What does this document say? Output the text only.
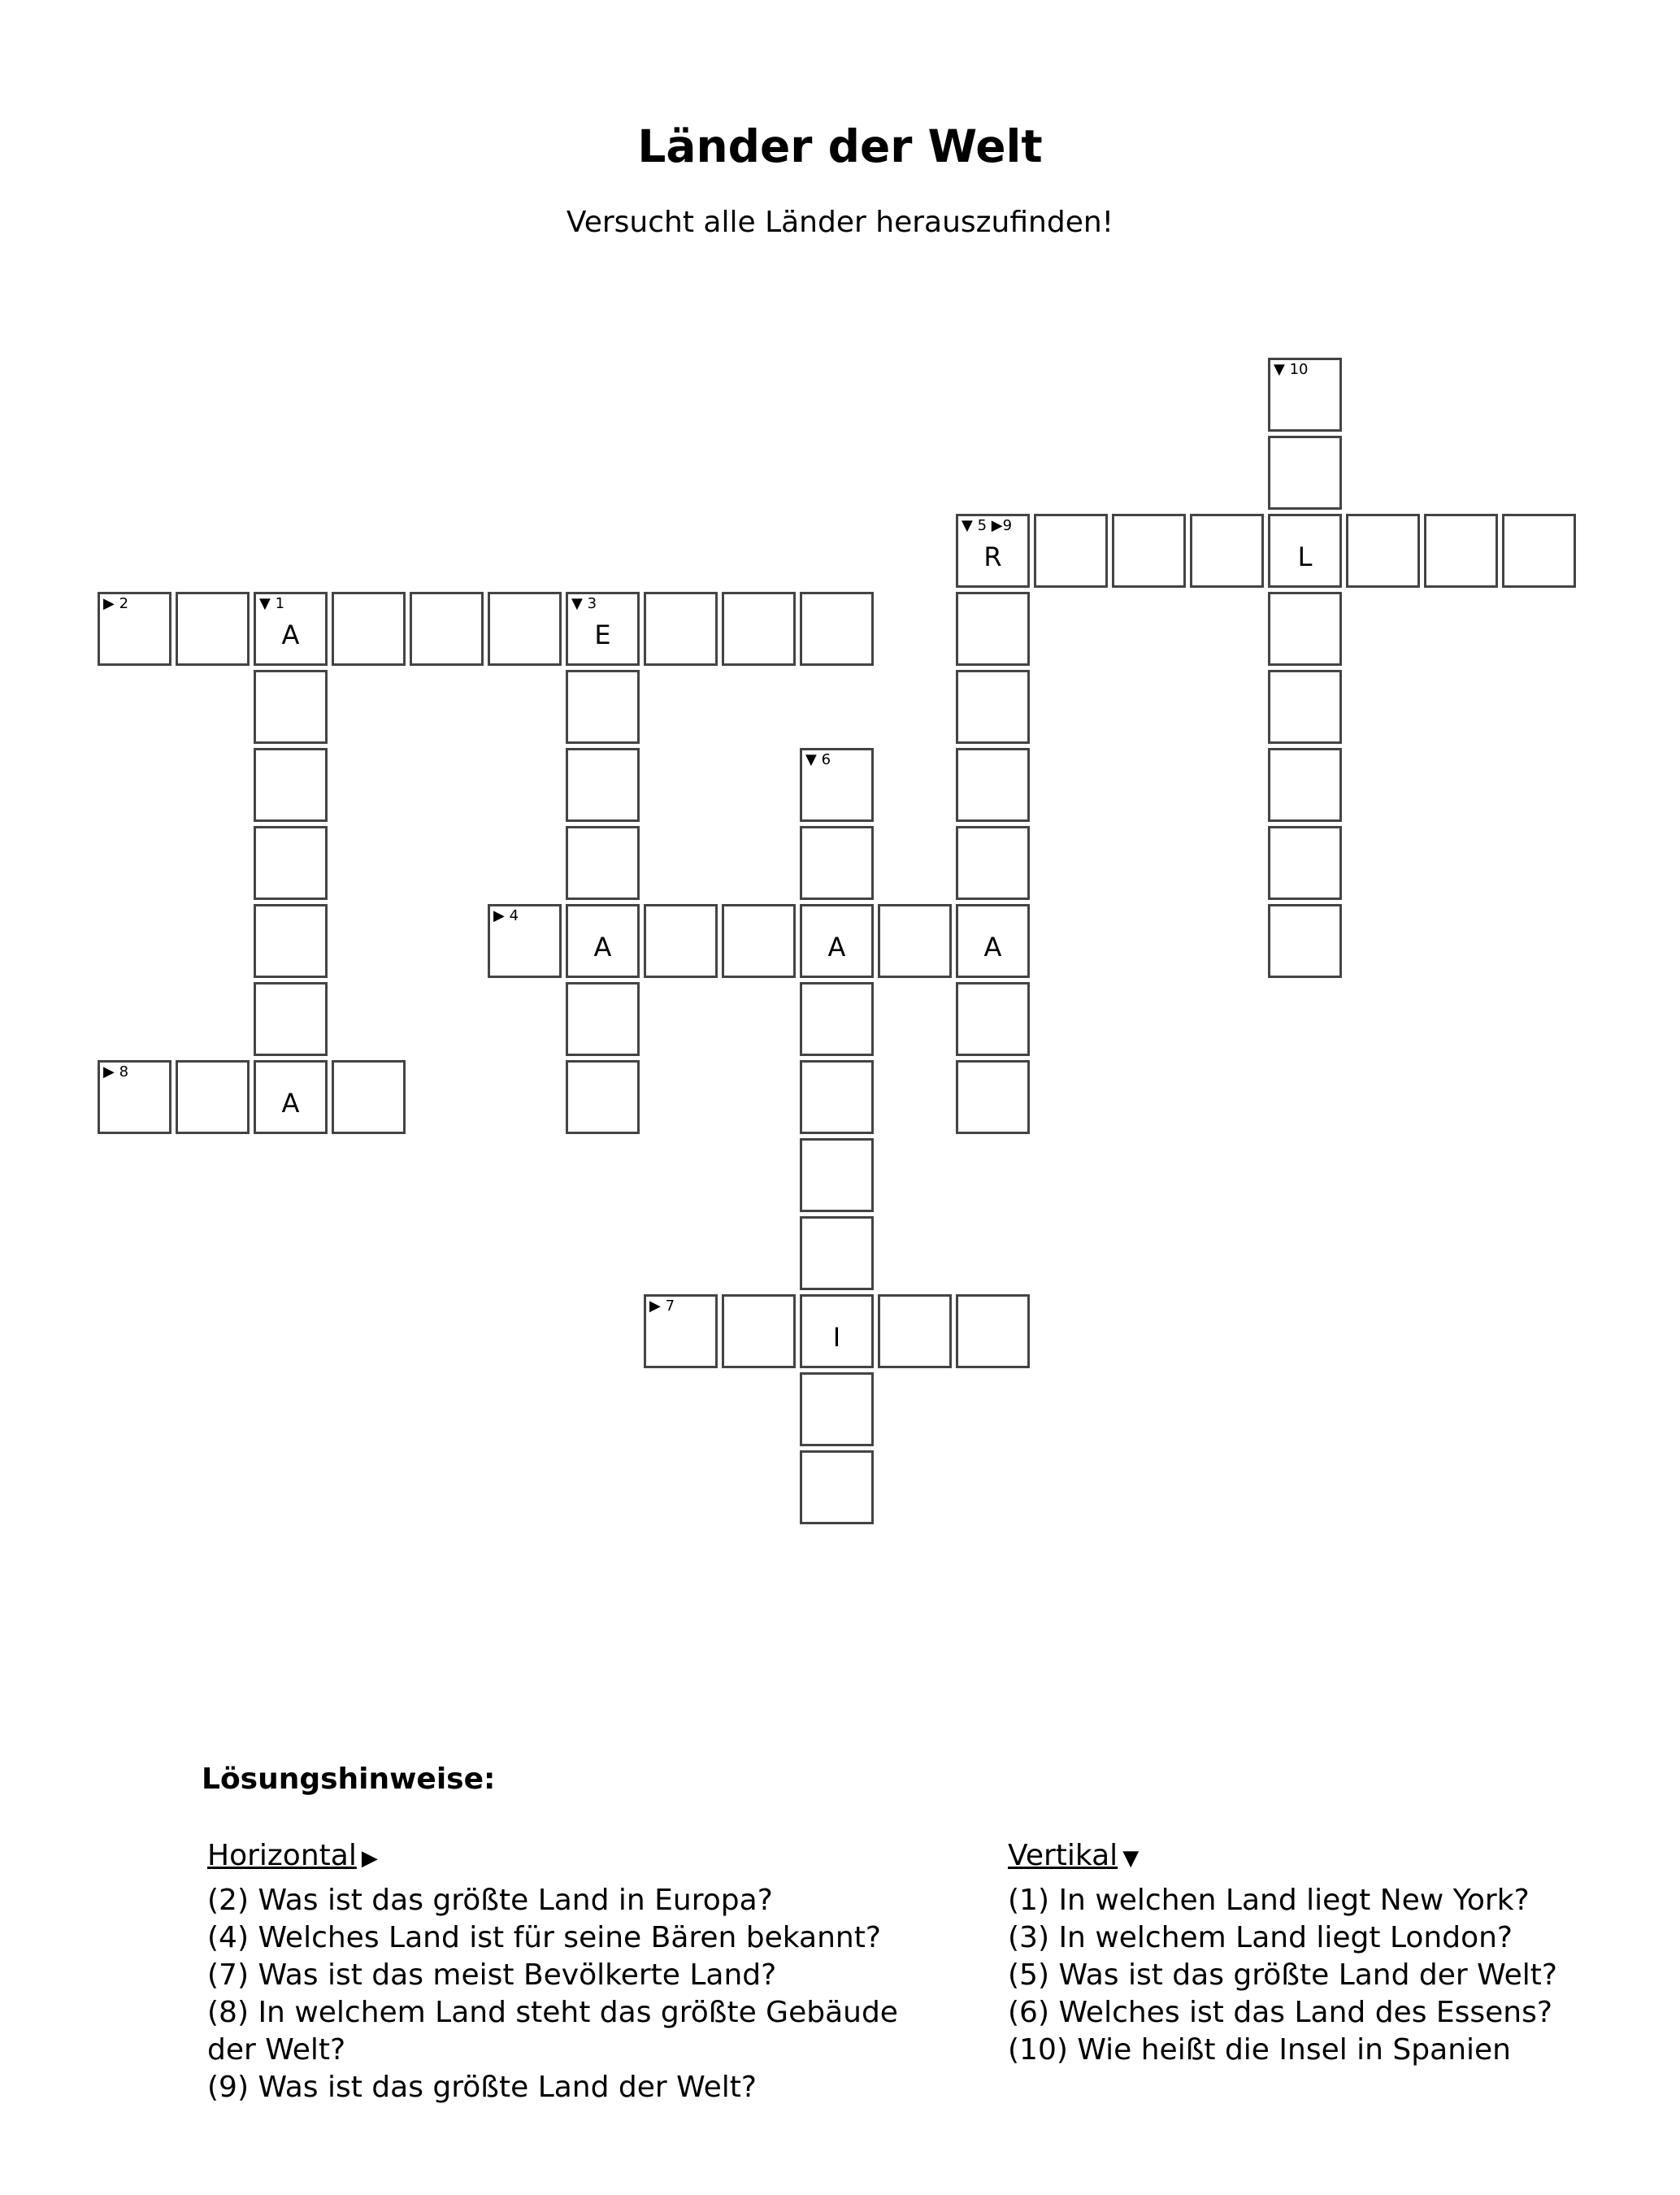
Länder der Welt

Versucht alle Länder herauszufinden!

▼ 10
▼ 5 ▶9
R	L
▶ 2	▼ 1
A
▼ 3
E
▼ 6
▶ 4
A	A	A
▶ 8
A
▶ 7
I
Lösungshinweise:
Horizontal ▶
(2) Was ist das größte Land in Europa?
(4) Welches Land ist für seine Bären bekannt?
(7) Was ist das meist Bevölkerte Land?
(8) In welchem Land steht das größte Gebäude der Welt?
(9) Was ist das größte Land der Welt?
Vertikal ▼
(1) In welchen Land liegt New York?
(3) In welchem Land liegt London?
(5) Was ist das größte Land der Welt?
(6) Welches ist das Land des Essens?
(10) Wie heißt die Insel in Spanien
